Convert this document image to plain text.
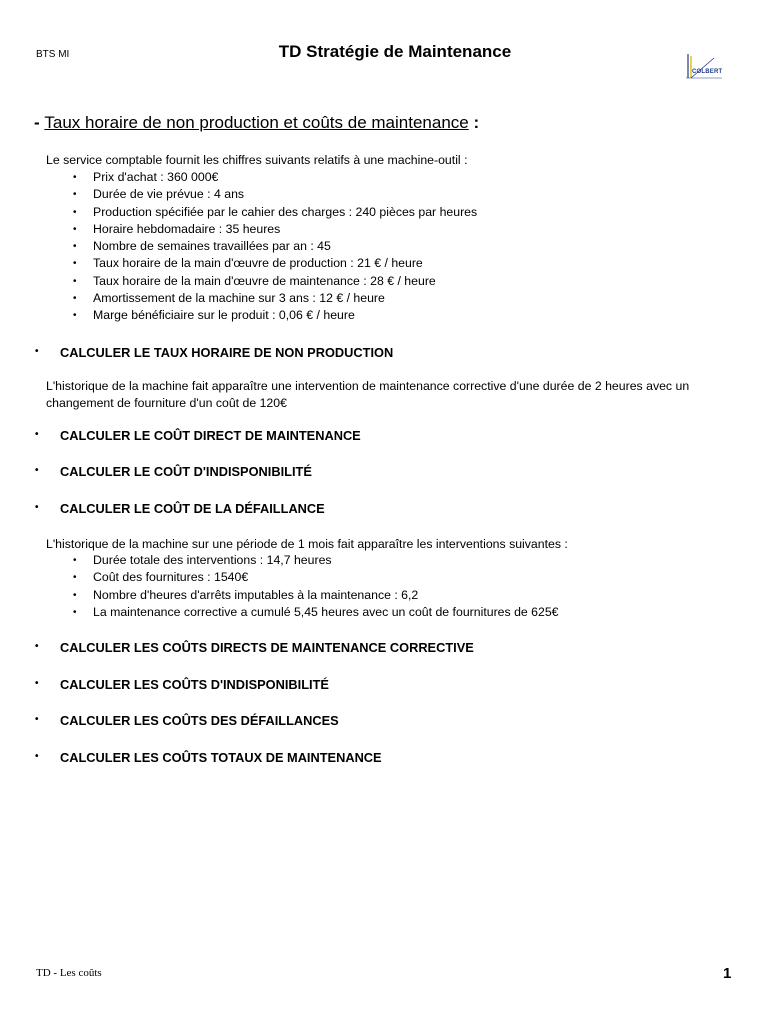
BTS MI	TD Stratégie de Maintenance
COLBERT
- Taux horaire de non production et coûts de maintenance :
Le service comptable fournit les chiffres suivants relatifs à une machine-outil :
• Prix d'achat : 360 000€
• Durée de vie prévue : 4 ans
• Production spécifiée par le cahier des charges : 240 pièces par heures
• Horaire hebdomadaire : 35 heures
• Nombre de semaines travaillées par an : 45
• Taux horaire de la main d'œuvre de production : 21 € / heure
• Taux horaire de la main d'œuvre de maintenance : 28 € / heure
• Amortissement de la machine sur 3 ans : 12 € / heure
• Marge bénéficiaire sur le produit : 0,06 € / heure
• CALCULER LE TAUX HORAIRE DE NON PRODUCTION
L'historique de la machine fait apparaître une intervention de maintenance corrective d'une durée de 2 heures avec un changement de fourniture d'un coût de 120€
• CALCULER LE COÛT DIRECT DE MAINTENANCE
• CALCULER LE COÛT D'INDISPONIBILITÉ
• CALCULER LE COÛT DE LA DÉFAILLANCE
L'historique de la machine sur une période de 1 mois fait apparaître les interventions suivantes :
• Durée totale des interventions : 14,7 heures
• Coût des fournitures : 1540€
• Nombre d'heures d'arrêts imputables à la maintenance : 6,2
• La maintenance corrective a cumulé 5,45 heures avec un coût de fournitures de 625€
• CALCULER LES COÛTS DIRECTS DE MAINTENANCE CORRECTIVE
• CALCULER LES COÛTS D'INDISPONIBILITÉ
• CALCULER LES COÛTS DES DÉFAILLANCES
• CALCULER LES COÛTS TOTAUX DE MAINTENANCE
TD - Les coûts	1
